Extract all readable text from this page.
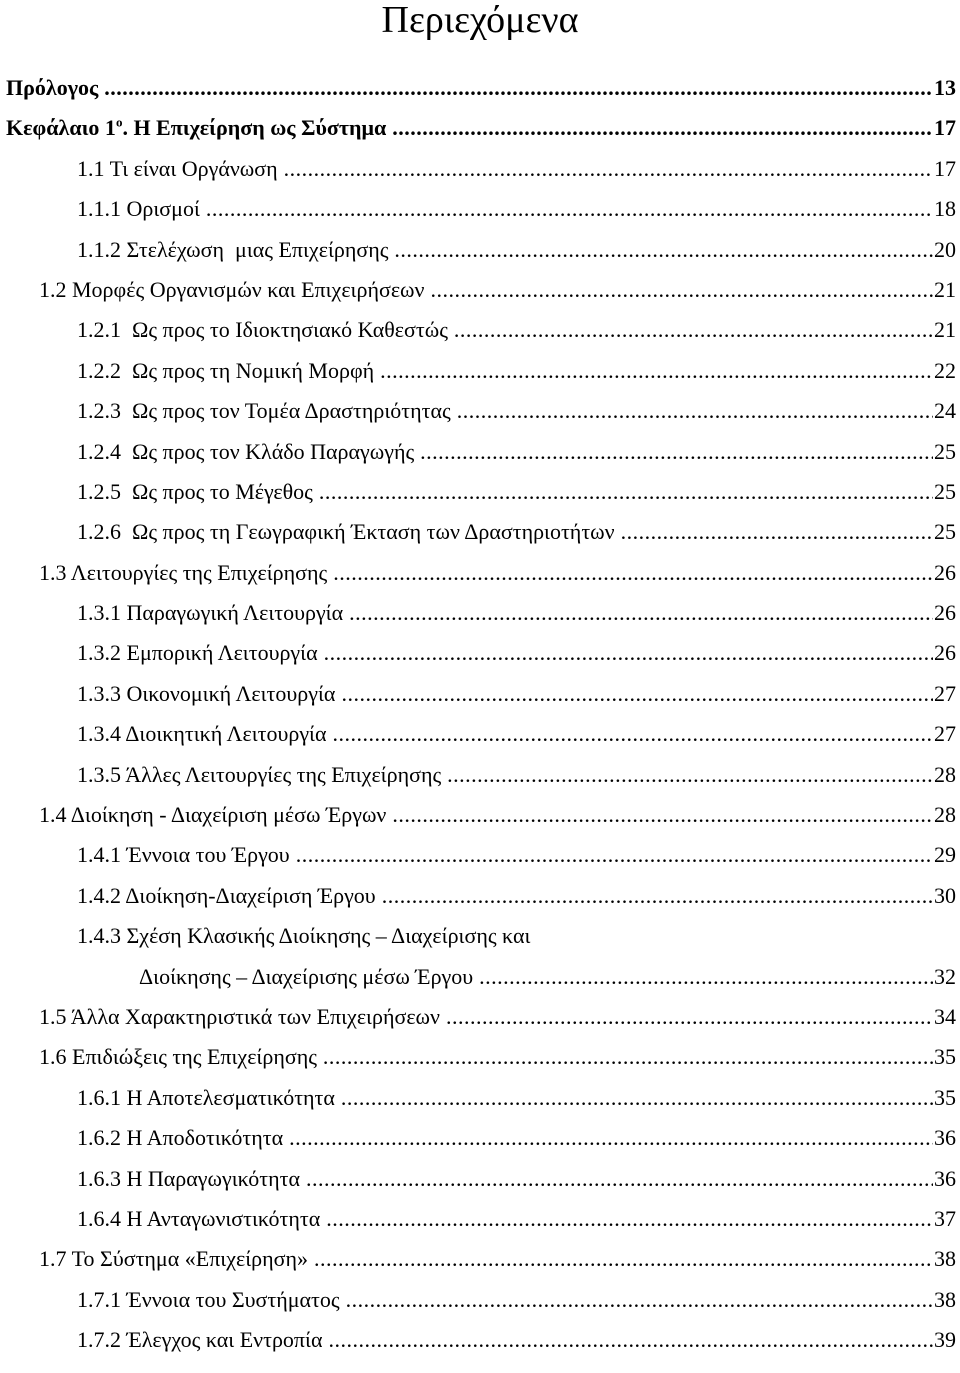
Περιεχόμενα
Πρόλογος .....	13
Κεφάλαιο $1^o$. Η Επιχείρηση ως Σύστημα .....	17
1.1 Τι είναι Οργάνωση .....	17
1.1.1 Ορισμοί .....	18
1.1.2 Στελέχωση  μιας Επιχείρησης .....	20
1.2 Μορφές Οργανισμών και Επιχειρήσεων .....	21
1.2.1  Ως προς το Ιδιοκτησιακό Καθεστώς .....	21
1.2.2  Ως προς τη Νομική Μορφή .....	22
1.2.3  Ως προς τον Τομέα Δραστηριότητας .....	24
1.2.4  Ως προς τον Κλάδο Παραγωγής .....	25
1.2.5  Ως προς το Μέγεθος .....	25
1.2.6  Ως προς τη Γεωγραφική Έκταση των Δραστηριοτήτων .....	25
1.3 Λειτουργίες της Επιχείρησης .....	26
1.3.1 Παραγωγική Λειτουργία .....	26
1.3.2 Εμπορική Λειτουργία .....	26
1.3.3 Οικονομική Λειτουργία .....	27
1.3.4 Διοικητική Λειτουργία .....	27
1.3.5 Άλλες Λειτουργίες της Επιχείρησης .....	28
1.4 Διοίκηση - Διαχείριση μέσω Έργων .....	28
1.4.1 Έννοια του Έργου .....	29
1.4.2 Διοίκηση-Διαχείριση Έργου .....	30
1.4.3 Σχέση Κλασικής Διοίκησης – Διαχείρισης και
Διοίκησης – Διαχείρισης μέσω Έργου .....	32
1.5 Άλλα Χαρακτηριστικά των Επιχειρήσεων .....	34
1.6 Επιδιώξεις της Επιχείρησης .....	35
1.6.1 Η Αποτελεσματικότητα .....	35
1.6.2 Η Αποδοτικότητα .....	36
1.6.3 Η Παραγωγικότητα .....	36
1.6.4 Η Ανταγωνιστικότητα .....	37
1.7 Το Σύστημα «Επιχείρηση» .....	38
1.7.1 Έννοια του Συστήματος .....	38
1.7.2 Έλεγχος και Εντροπία .....	39
